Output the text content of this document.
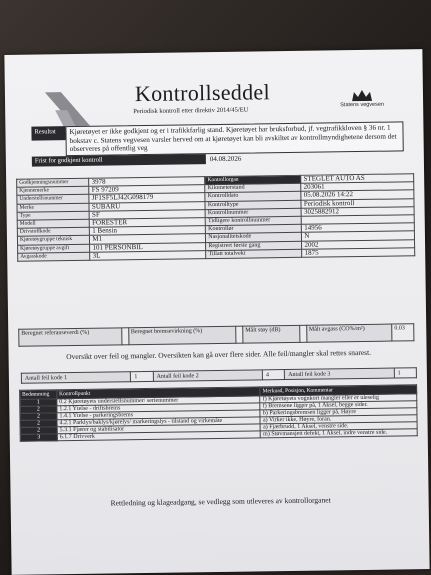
Kontrollseddel
Periodisk kontroll etter direktiv 2014/45/EU
Statens vegvesen
Resultat	Kjøretøyet er ikke godkjent og er i trafikkfarlig stand. Kjøretøyet har bruksforbud, jf. vegtrafikkloven § 36 nr. 1 bokstav c. Statens vegvesen varsler herved om at kjøretøyet kan bli avskiltet av kontrollmyndighetene dersom det observeres på offentlig veg
Frist for godkjent kontroll	04.08.2026
Godkjenningsnummer	3978	Kontrollorgan	STEGLET AUTO AS
Kjennemerke	FS 97209	Kilometerstand	203061
Understellsnummer	JF1SF5LJ42G098179	Kontrolldato	05.08.2026 14:22
Merke	SUBARU	Kontrolltype	Periodisk kontroll
Type	SF	Kontrollnummer	3025882912
Modell	FORESTER	Tidligere kontrollnummer	
Drivstoffkode	1 Bensin	Kontrollør	14956
Kjøretøygruppe teknisk	M1	Nasjonalitetskode	N
Kjøretøygruppe avgift	101 PERSONBIL	Registrert første gang	2002
Avgasskode	3L	Tillatt totalvekt	1875
Beregnet referanseverdi (%)		Beregnet bremsevirkning (%)		Målt støy (dB)		Målt avgass (CO%/m²)	0.03
Oversikt over feil og mangler. Oversikten kan gå over flere sider. Alle feil/mangler skal rettes snarest.
Antall feil kode 1	1	Antall feil kode 2	4	Antall feil kode 3	1
Bedømming	Kontrollpunkt	Merknad, Posisjon, Kommentar
1	0.2 Kjøretøyets understellsnummer/ serienummer	f) Kjøretøyets vognkort mangler eller er uleselig
2	1.2.1 Ytelse - driftsbrems	f) Bremsene ligger på, 1 Aksel, begge sider.
2	1.4.1 Ytelse - parkeringsbrems	b) Parkeringsbremsen ligger på, Høyre
2	4.2.1 Parklys/baklys/kjørelys/ markeringslys - tilstand og virkemåte	a) Virker ikke, Høyre, foran.
2	5.3.1 Fjærer og stabilisator	a) Fjærbrudd, 1 Aksel, venstre side.
3	6.1.7 Drivverk	m) Støvmansjett defekt, 1 Aksel, indre venstre side.
Rettledning og klageadgang, se vedlegg som utleveres av kontrollorganet
